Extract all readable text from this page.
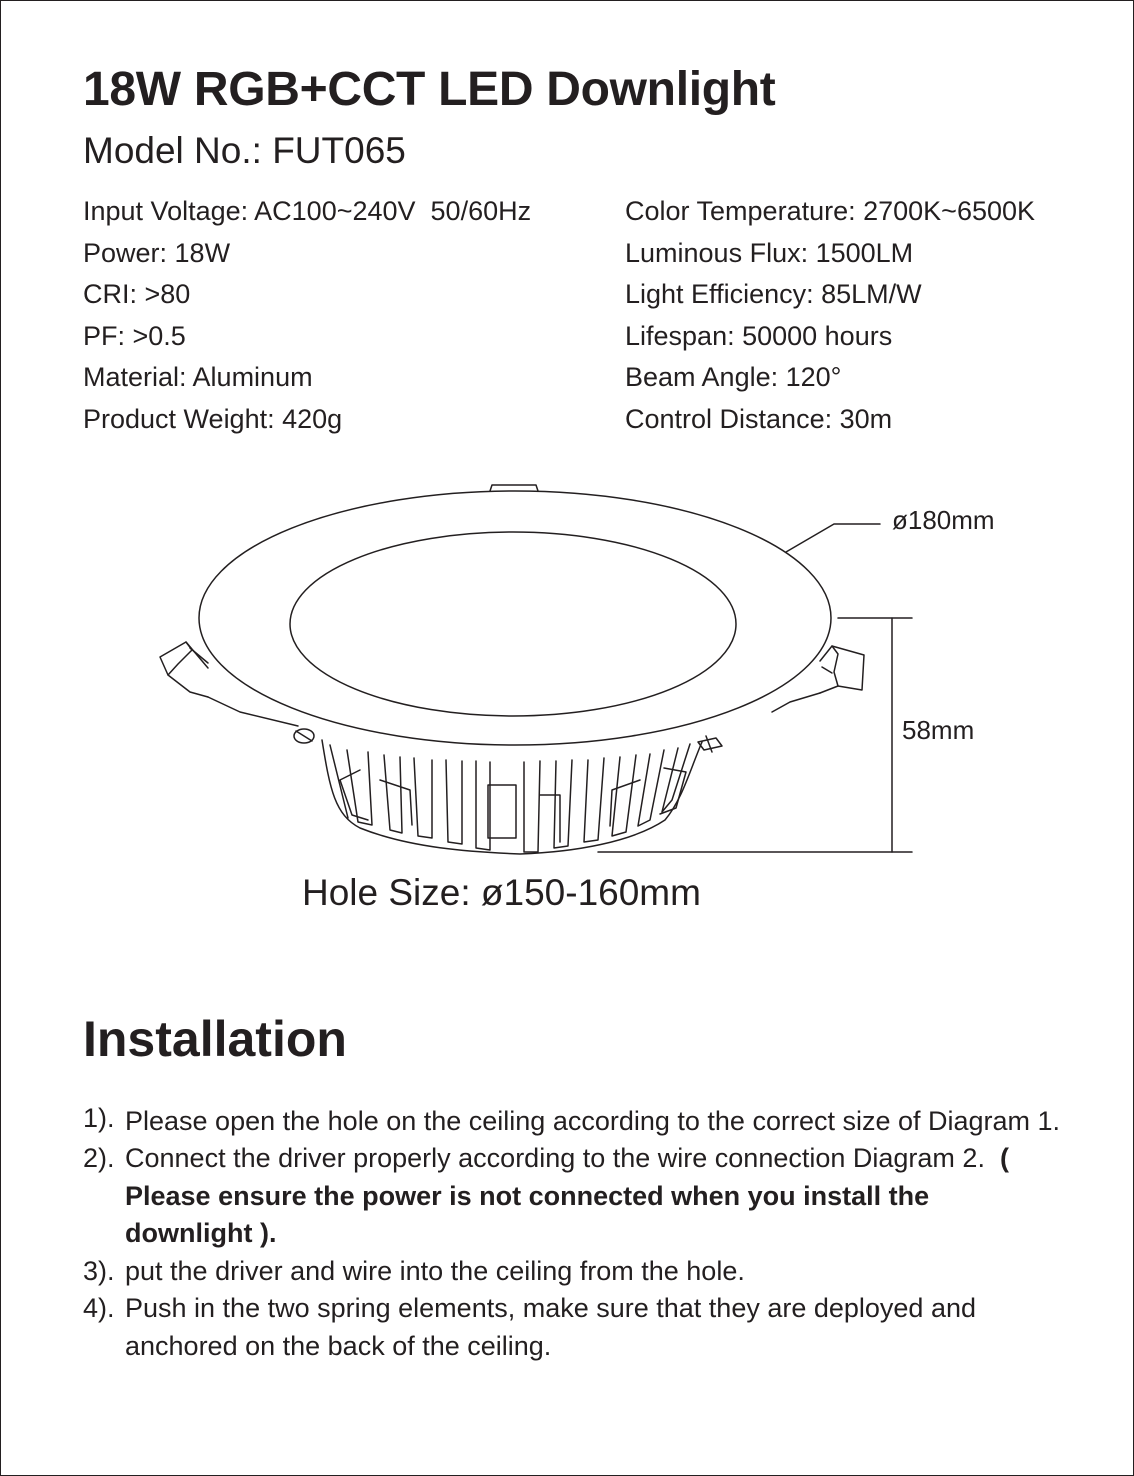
18W RGB+CCT LED Downlight
Model No.: FUT065
Input Voltage: AC100~240V  50/60Hz
Power: 18W
CRI: >80
PF: >0.5
Material: Aluminum
Product Weight: 420g
Color Temperature: 2700K~6500K
Luminous Flux: 1500LM
Light Efficiency: 85LM/W
Lifespan: 50000 hours
Beam Angle: 120°
Control Distance: 30m
ø180mm
58mm
Hole Size: ø150-160mm
Installation
1). Please open the hole on the ceiling according to the correct size of Diagram 1.
2). Connect the driver properly according to the wire connection Diagram 2. ( Please ensure the power is not connected when you install the downlight ).
3). put the driver and wire into the ceiling from the hole.
4). Push in the two spring elements, make sure that they are deployed and anchored on the back of the ceiling.
